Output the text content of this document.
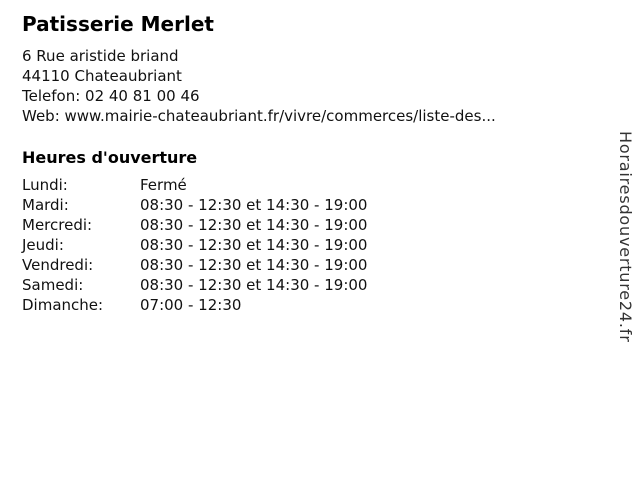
Patisserie Merlet
6 Rue aristide briand
44110 Chateaubriant
Telefon: 02 40 81 00 46
Web: www.mairie-chateaubriant.fr/vivre/commerces/liste-des...
Heures d'ouverture
Lundi:	Fermé
Mardi:	08:30 - 12:30 et 14:30 - 19:00
Mercredi:	08:30 - 12:30 et 14:30 - 19:00
Jeudi:	08:30 - 12:30 et 14:30 - 19:00
Vendredi:	08:30 - 12:30 et 14:30 - 19:00
Samedi:	08:30 - 12:30 et 14:30 - 19:00
Dimanche:	07:00 - 12:30	Horairesdouverture24.fr
